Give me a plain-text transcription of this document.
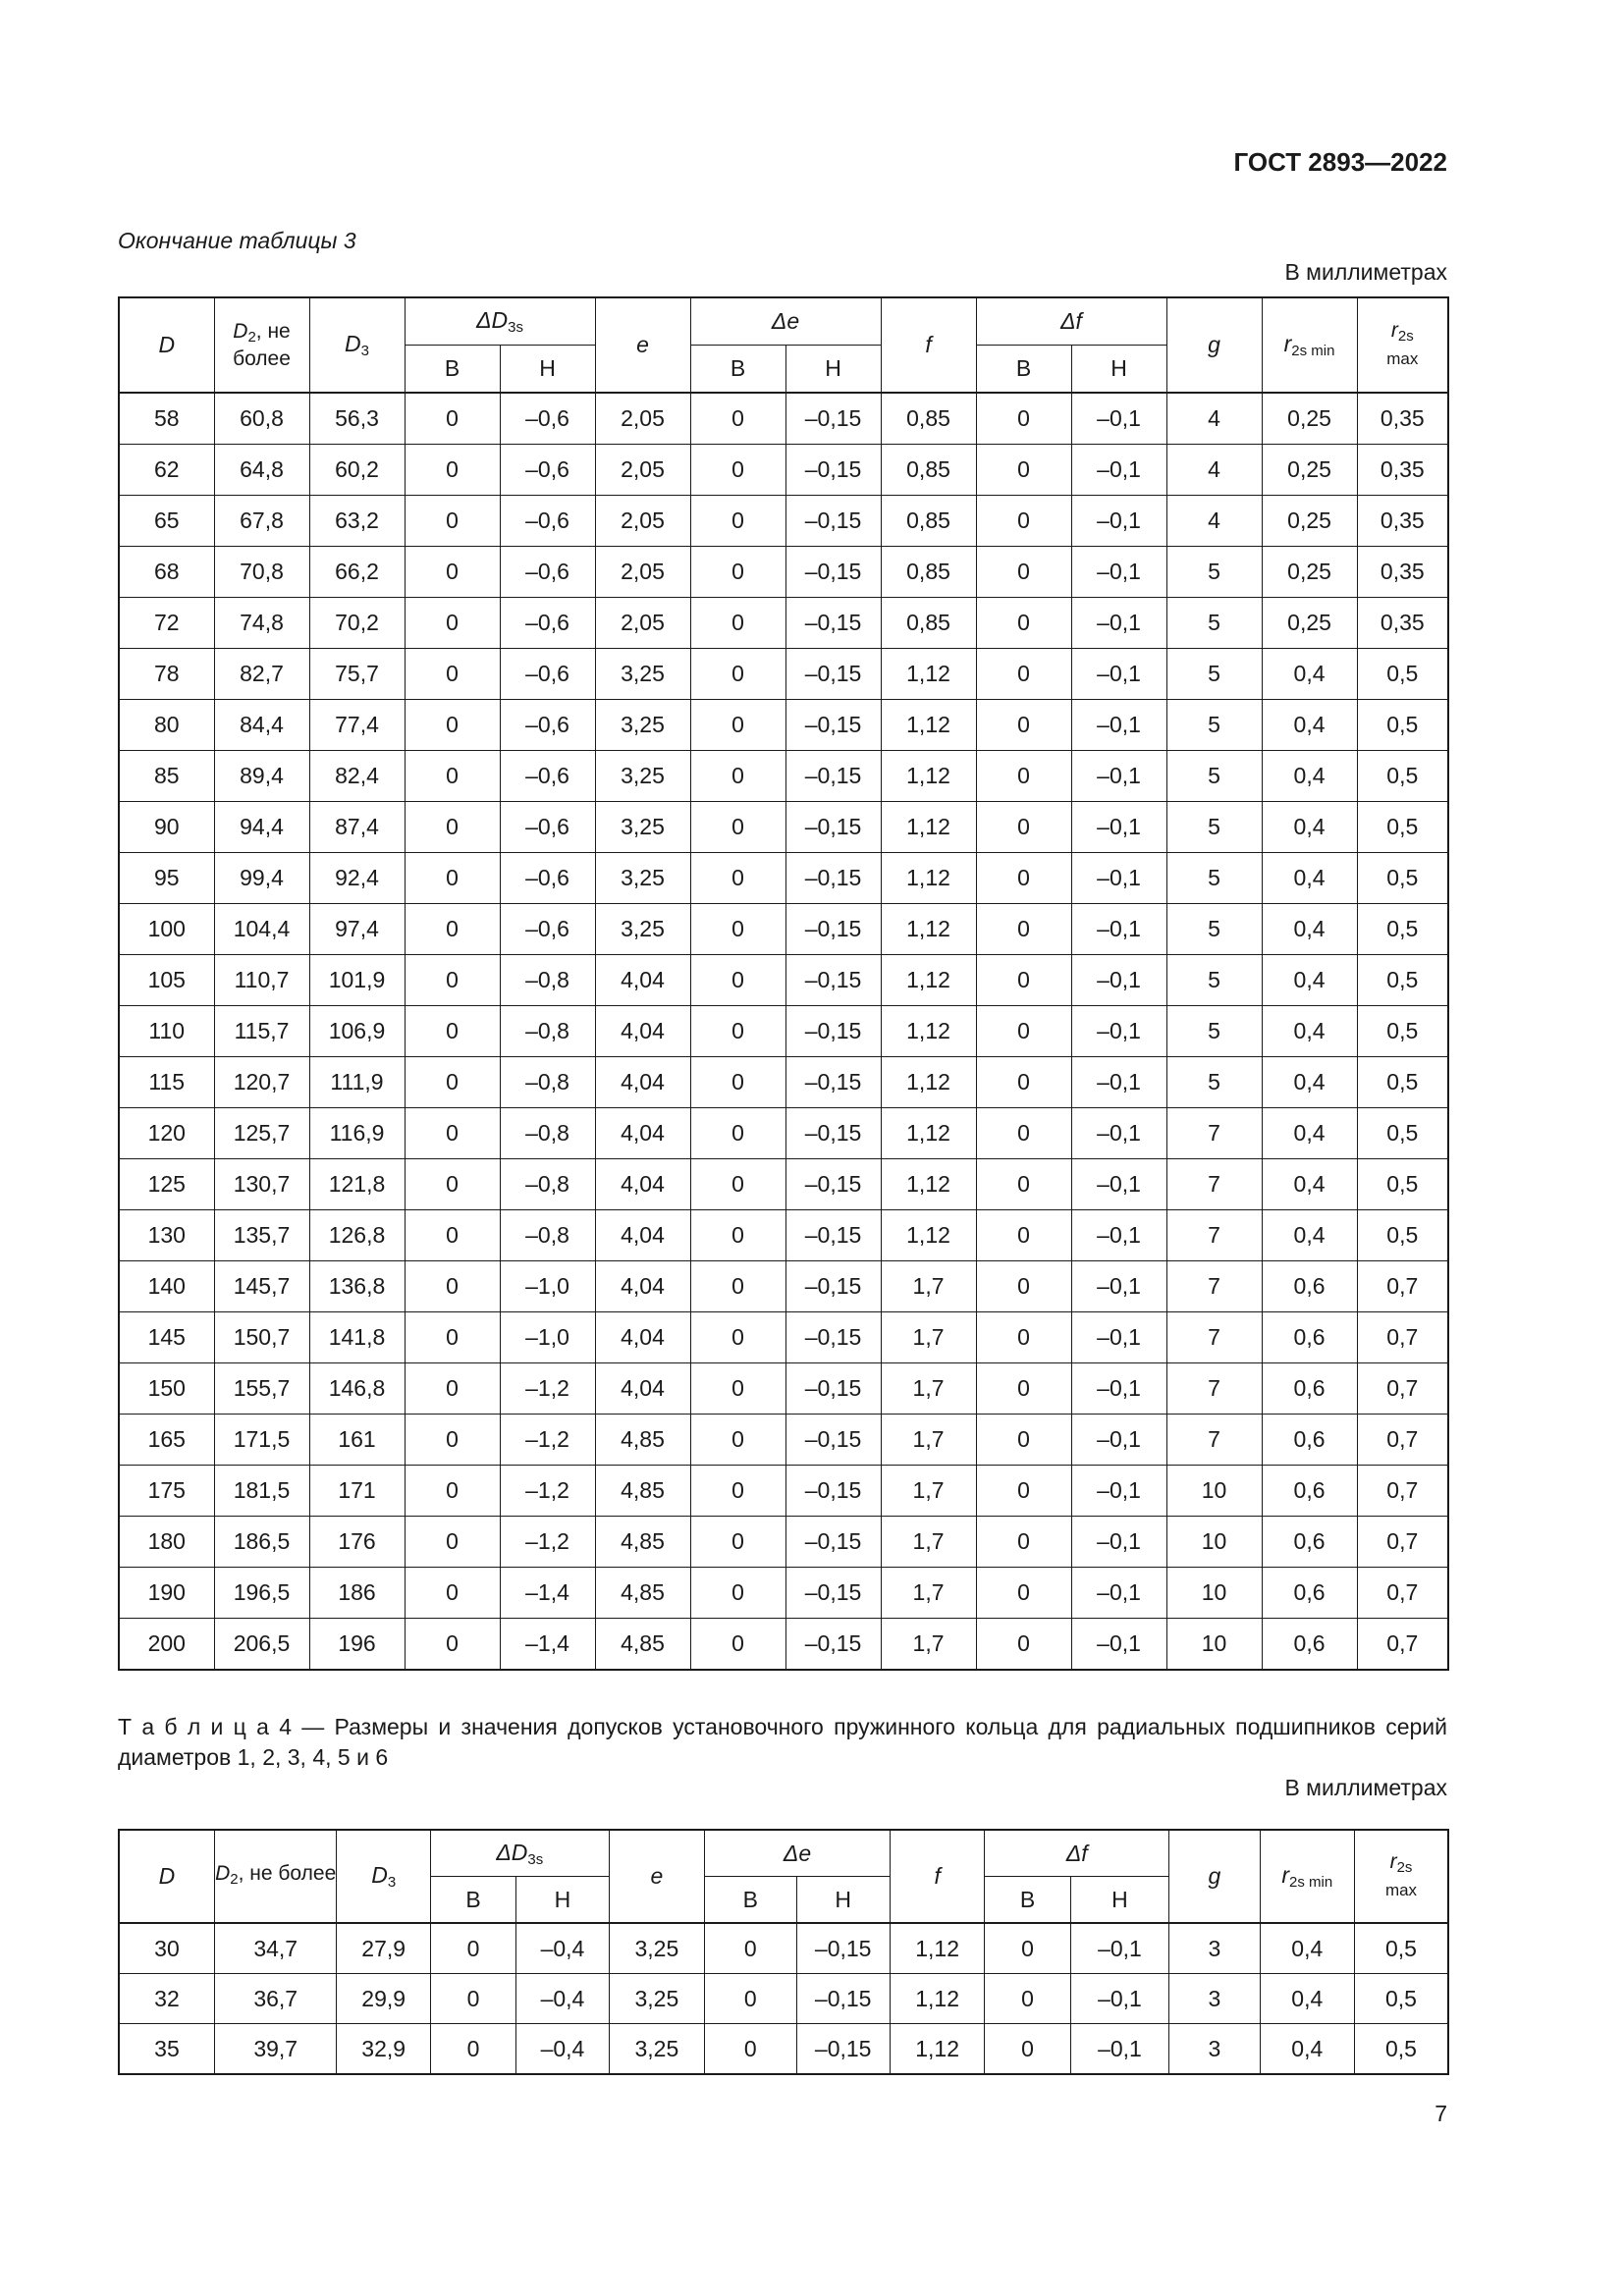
ГОСТ 2893—2022
Окончание таблицы 3
В миллиметрах
D	$D_2$, не более	$D_3$	$\Delta D_{3s}$		e	Δe		f	Δf		g	$r_{2s min}$	$r_{2s}$
max
			В	Н		В	Н		В	Н			
58	60,8	56,3	0	–0,6	2,05	0	–0,15	0,85	0	–0,1	4	0,25	0,35
62	64,8	60,2	0	–0,6	2,05	0	–0,15	0,85	0	–0,1	4	0,25	0,35
65	67,8	63,2	0	–0,6	2,05	0	–0,15	0,85	0	–0,1	4	0,25	0,35
68	70,8	66,2	0	–0,6	2,05	0	–0,15	0,85	0	–0,1	5	0,25	0,35
72	74,8	70,2	0	–0,6	2,05	0	–0,15	0,85	0	–0,1	5	0,25	0,35
78	82,7	75,7	0	–0,6	3,25	0	–0,15	1,12	0	–0,1	5	0,4	0,5
80	84,4	77,4	0	–0,6	3,25	0	–0,15	1,12	0	–0,1	5	0,4	0,5
85	89,4	82,4	0	–0,6	3,25	0	–0,15	1,12	0	–0,1	5	0,4	0,5
90	94,4	87,4	0	–0,6	3,25	0	–0,15	1,12	0	–0,1	5	0,4	0,5
95	99,4	92,4	0	–0,6	3,25	0	–0,15	1,12	0	–0,1	5	0,4	0,5
100	104,4	97,4	0	–0,6	3,25	0	–0,15	1,12	0	–0,1	5	0,4	0,5
105	110,7	101,9	0	–0,8	4,04	0	–0,15	1,12	0	–0,1	5	0,4	0,5
110	115,7	106,9	0	–0,8	4,04	0	–0,15	1,12	0	–0,1	5	0,4	0,5
115	120,7	111,9	0	–0,8	4,04	0	–0,15	1,12	0	–0,1	5	0,4	0,5
120	125,7	116,9	0	–0,8	4,04	0	–0,15	1,12	0	–0,1	7	0,4	0,5
125	130,7	121,8	0	–0,8	4,04	0	–0,15	1,12	0	–0,1	7	0,4	0,5
130	135,7	126,8	0	–0,8	4,04	0	–0,15	1,12	0	–0,1	7	0,4	0,5
140	145,7	136,8	0	–1,0	4,04	0	–0,15	1,7	0	–0,1	7	0,6	0,7
145	150,7	141,8	0	–1,0	4,04	0	–0,15	1,7	0	–0,1	7	0,6	0,7
150	155,7	146,8	0	–1,2	4,04	0	–0,15	1,7	0	–0,1	7	0,6	0,7
165	171,5	161	0	–1,2	4,85	0	–0,15	1,7	0	–0,1	7	0,6	0,7
175	181,5	171	0	–1,2	4,85	0	–0,15	1,7	0	–0,1	10	0,6	0,7
180	186,5	176	0	–1,2	4,85	0	–0,15	1,7	0	–0,1	10	0,6	0,7
190	196,5	186	0	–1,4	4,85	0	–0,15	1,7	0	–0,1	10	0,6	0,7
200	206,5	196	0	–1,4	4,85	0	–0,15	1,7	0	–0,1	10	0,6	0,7
Т а б л и ц а 4 — Размеры и значения допусков установочного пружинного кольца для радиальных подшипников серий диаметров 1, 2, 3, 4, 5 и 6
В миллиметрах
D	$D_2$, не более	$D_3$	$\Delta D_{3s}$		e	Δe		f	Δf		g	$r_{2s min}$	$r_{2s}$
max
			В	Н		В	Н		В	Н			
30	34,7	27,9	0	–0,4	3,25	0	–0,15	1,12	0	–0,1	3	0,4	0,5
32	36,7	29,9	0	–0,4	3,25	0	–0,15	1,12	0	–0,1	3	0,4	0,5
35	39,7	32,9	0	–0,4	3,25	0	–0,15	1,12	0	–0,1	3	0,4	0,5
7
